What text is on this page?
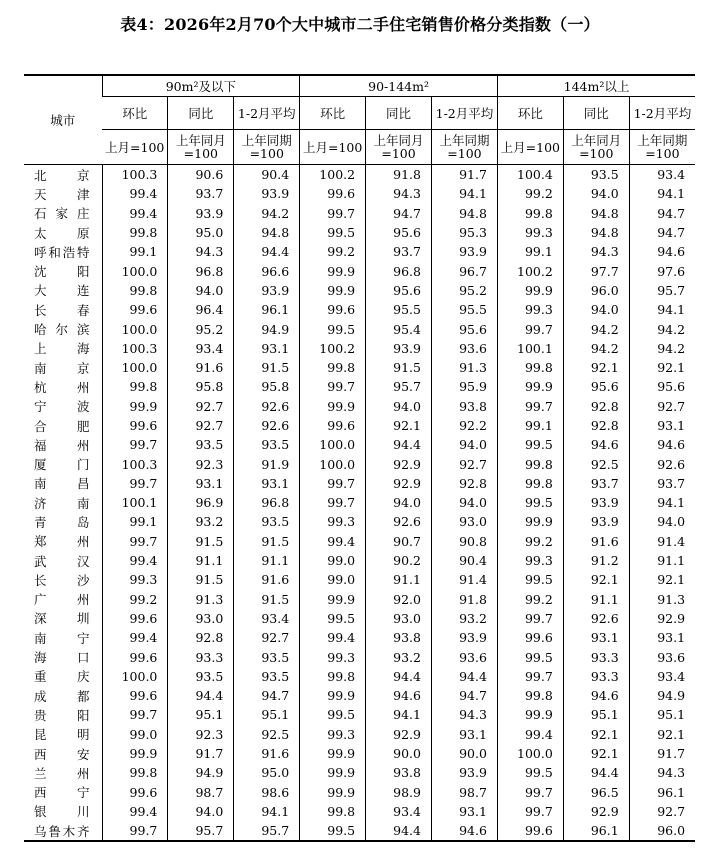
表4：2026年2月70个大中城市二手住宅销售价格分类指数（一）
城市	90m²及以下			90-144m²			144m²以上		
	环比	同比	1-2月平均	环比	同比	1-2月平均	环比	同比	1-2月平均
	上月=100	上年同月=100	上年同期=100	上月=100	上年同月=100	上年同期=100	上月=100	上年同月=100	上年同期=100
北京	100.3	90.6	90.4	100.2	91.8	91.7	100.4	93.5	93.4
天津	99.4	93.7	93.9	99.6	94.3	94.1	99.2	94.0	94.1
石家庄	99.4	93.9	94.2	99.7	94.7	94.8	99.8	94.8	94.7
太原	99.8	95.0	94.8	99.5	95.6	95.3	99.3	94.8	94.7
呼和浩特	99.1	94.3	94.4	99.2	93.7	93.9	99.1	94.3	94.6
沈阳	100.0	96.8	96.6	99.9	96.8	96.7	100.2	97.7	97.6
大连	99.8	94.0	93.9	99.9	95.6	95.2	99.9	96.0	95.7
长春	99.6	96.4	96.1	99.6	95.5	95.5	99.3	94.0	94.1
哈尔滨	100.0	95.2	94.9	99.5	95.4	95.6	99.7	94.2	94.2
上海	100.3	93.4	93.1	100.2	93.9	93.6	100.1	94.2	94.2
南京	100.0	91.6	91.5	99.8	91.5	91.3	99.8	92.1	92.1
杭州	99.8	95.8	95.8	99.7	95.7	95.9	99.9	95.6	95.6
宁波	99.9	92.7	92.6	99.9	94.0	93.8	99.7	92.8	92.7
合肥	99.6	92.7	92.6	99.6	92.1	92.2	99.1	92.8	93.1
福州	99.7	93.5	93.5	100.0	94.4	94.0	99.5	94.6	94.6
厦门	100.3	92.3	91.9	100.0	92.9	92.7	99.8	92.5	92.6
南昌	99.7	93.1	93.1	99.7	92.9	92.8	99.8	93.7	93.7
济南	100.1	96.9	96.8	99.7	94.0	94.0	99.5	93.9	94.1
青岛	99.1	93.2	93.5	99.3	92.6	93.0	99.9	93.9	94.0
郑州	99.7	91.5	91.5	99.4	90.7	90.8	99.2	91.6	91.4
武汉	99.4	91.1	91.1	99.0	90.2	90.4	99.3	91.2	91.1
长沙	99.3	91.5	91.6	99.0	91.1	91.4	99.5	92.1	92.1
广州	99.2	91.3	91.5	99.9	92.0	91.8	99.2	91.1	91.3
深圳	99.6	93.0	93.4	99.5	93.0	93.2	99.7	92.6	92.9
南宁	99.4	92.8	92.7	99.4	93.8	93.9	99.6	93.1	93.1
海口	99.6	93.3	93.5	99.3	93.2	93.6	99.5	93.3	93.6
重庆	100.0	93.5	93.5	99.8	94.4	94.4	99.7	93.3	93.4
成都	99.6	94.4	94.7	99.9	94.6	94.7	99.8	94.6	94.9
贵阳	99.7	95.1	95.1	99.5	94.1	94.3	99.9	95.1	95.1
昆明	99.0	92.3	92.5	99.3	92.9	93.1	99.4	92.1	92.1
西安	99.9	91.7	91.6	99.9	90.0	90.0	100.0	92.1	91.7
兰州	99.8	94.9	95.0	99.9	93.8	93.9	99.5	94.4	94.3
西宁	99.6	98.7	98.6	99.9	98.9	98.7	99.7	96.5	96.1
银川	99.4	94.0	94.1	99.8	93.4	93.1	99.7	92.9	92.7
乌鲁木齐	99.7	95.7	95.7	99.5	94.4	94.6	99.6	96.1	96.0
